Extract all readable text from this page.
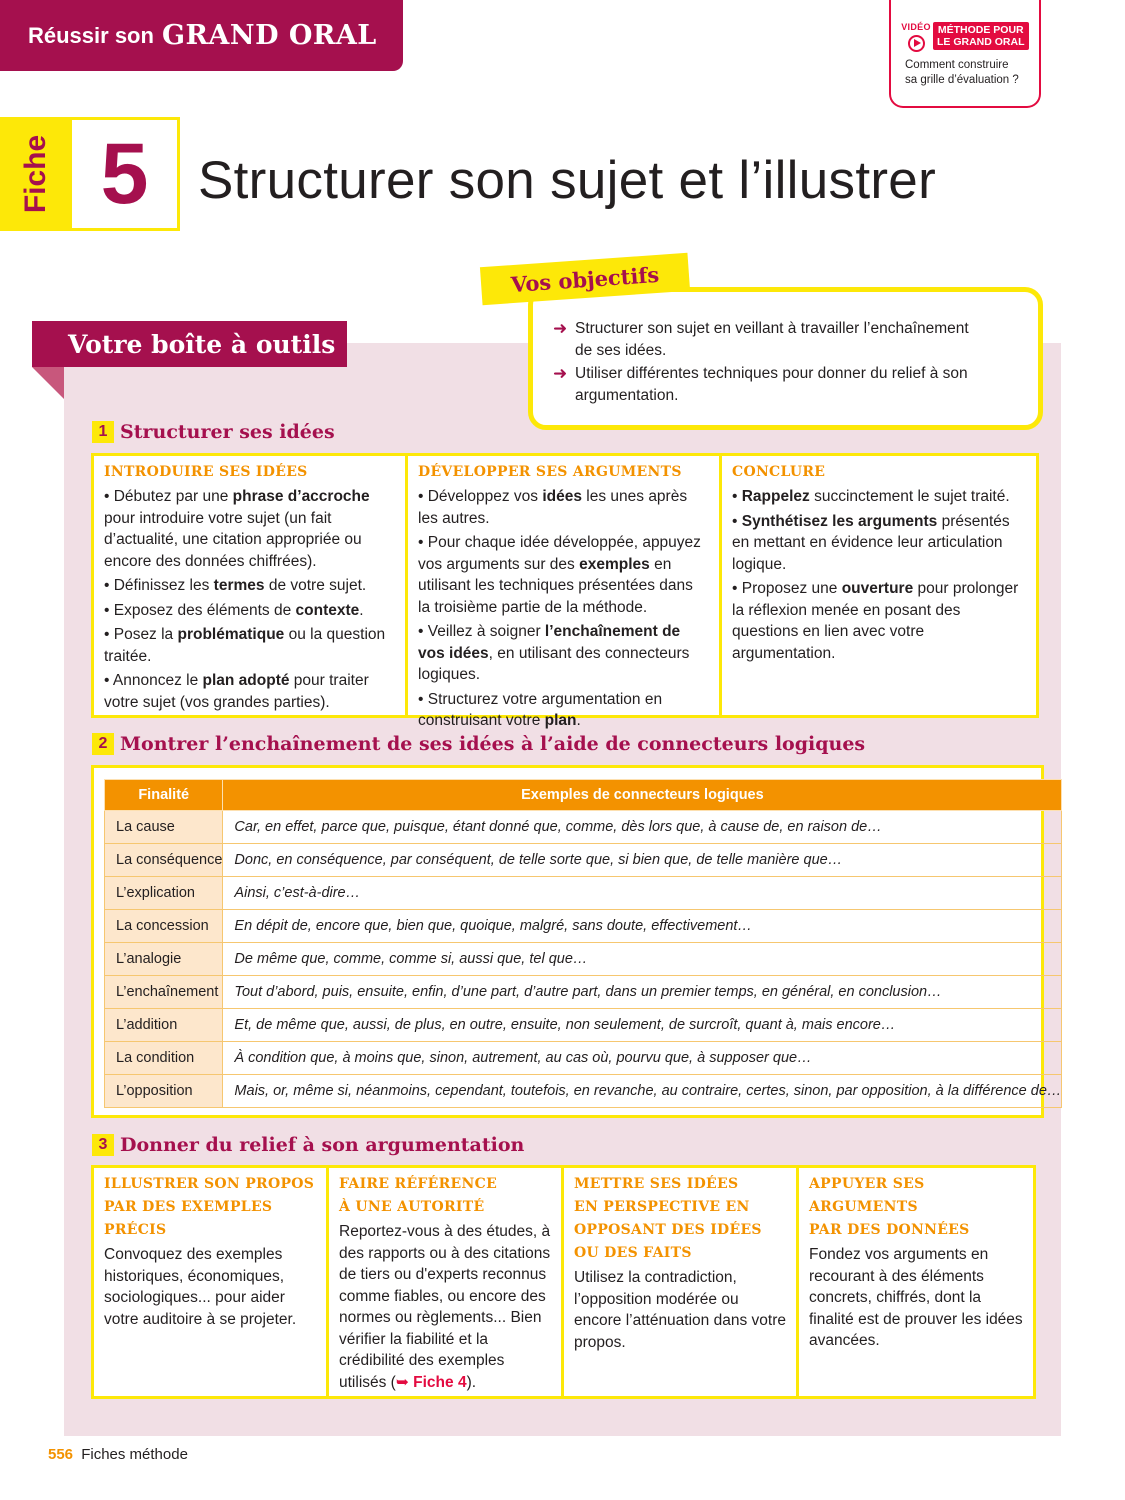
Réussir son GRAND ORAL	VIDÉO MÉTHODE POUR
LE GRAND ORAL
Comment construire
sa grille d’évaluation ?
Fiche 5 Structurer son sujet et l’illustrer
Votre boîte à outils
➜ Structurer son sujet en veillant à travailler l’enchaînement
de ses idées.
➜ Utiliser différentes techniques pour donner du relief à son
argumentation.
Vos objectifs
1 Structurer ses idées
INTRODUIRE SES IDÉES

• Débutez par une phrase d’accroche pour introduire votre sujet (un fait d’actualité, une citation appropriée ou encore des données chiffrées).

• Définissez les termes de votre sujet.

• Exposez des éléments de contexte.

• Posez la problématique ou la question traitée.

• Annoncez le plan adopté pour traiter votre sujet (vos grandes parties).

DÉVELOPPER SES ARGUMENTS

• Développez vos idées les unes après les autres.

• Pour chaque idée développée, appuyez vos arguments sur des exemples en utilisant les techniques présentées dans la troisième partie de la méthode.

• Veillez à soigner l’enchaînement de vos idées, en utilisant des connecteurs logiques.

• Structurez votre argumentation en construisant votre plan.

CONCLURE

• Rappelez succinctement le sujet traité.

• Synthétisez les arguments présentés en mettant en évidence leur articulation logique.

• Proposez une ouverture pour prolonger la réflexion menée en posant des questions en lien avec votre argumentation.

2 Montrer l’enchaînement de ses idées à l’aide de connecteurs logiques
Finalité	Exemples de connecteurs logiques
La cause	Car, en effet, parce que, puisque, étant donné que, comme, dès lors que, à cause de, en raison de…
La conséquence	Donc, en conséquence, par conséquent, de telle sorte que, si bien que, de telle manière que…
L’explication	Ainsi, c’est-à-dire…
La concession	En dépit de, encore que, bien que, quoique, malgré, sans doute, effectivement…
L’analogie	De même que, comme, comme si, aussi que, tel que…
L’enchaînement	Tout d’abord, puis, ensuite, enfin, d’une part, d’autre part, dans un premier temps, en général, en conclusion…
L’addition	Et, de même que, aussi, de plus, en outre, ensuite, non seulement, de surcroît, quant à, mais encore…
La condition	À condition que, à moins que, sinon, autrement, au cas où, pourvu que, à supposer que…
L’opposition	Mais, or, même si, néanmoins, cependant, toutefois, en revanche, au contraire, certes, sinon, par opposition, à la différence de…
3 Donner du relief à son argumentation
ILLUSTRER SON PROPOS
PAR DES EXEMPLES PRÉCIS
Convoquez des exemples historiques, économiques, sociologiques... pour aider votre auditoire à se projeter.
FAIRE RÉFÉRENCE
À UNE AUTORITÉ
Reportez-vous à des études, à des rapports ou à des citations de tiers ou d'experts reconnus comme fiables, ou encore des normes ou règlements... Bien vérifier la fiabilité et la crédibilité des exemples utilisés (➥ Fiche 4).
METTRE SES IDÉES
EN PERSPECTIVE EN
OPPOSANT DES IDÉES
OU DES FAITS
Utilisez la contradiction, l’opposition modérée ou encore l’atténuation dans votre propos.
APPUYER SES ARGUMENTS
PAR DES DONNÉES
Fondez vos arguments en recourant à des éléments concrets, chiffrés, dont la finalité est de prouver les idées avancées.
556 Fiches méthode
